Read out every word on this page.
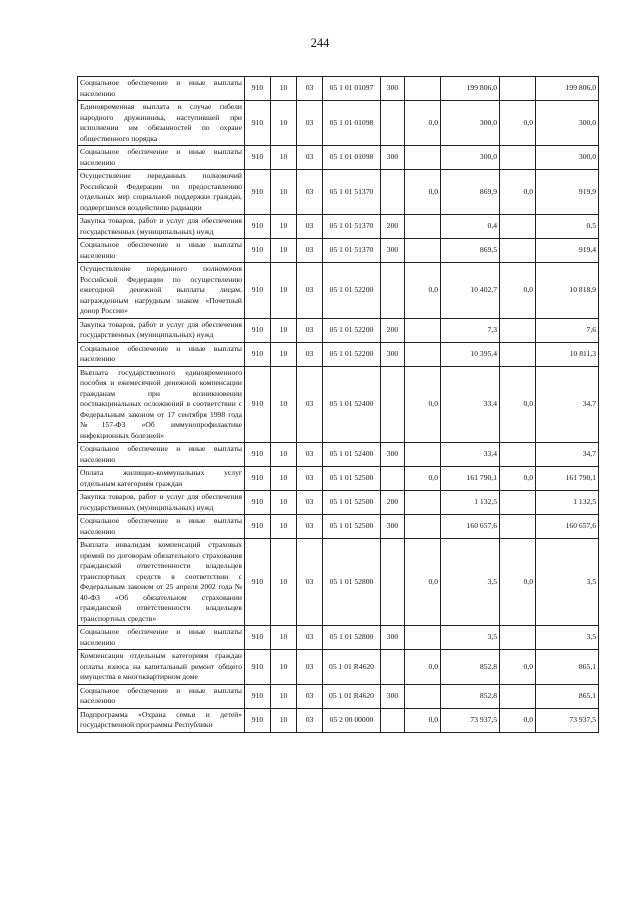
244
Социальное обеспечение и иные выплаты населению	910	10	03	05 1 01 01097	300		199 806,0		199 806,0
Единовременная выплата в случае гибели народного дружинника, наступившей при исполнении им обязанностей по охране общественного порядка	910	10	03	05 1 01 01098		0,0	300,0	0,0	300,0
Социальное обеспечение и иные выплаты населению	910	10	03	05 1 01 01098	300		300,0		300,0
Осуществление переданных полномочий Российской Федерации по предоставлению отдельных мер социальной поддержки граждан, подвергшихся воздействию радиации	910	10	03	05 1 01 51370		0,0	869,9	0,0	919,9
Закупка товаров, работ и услуг для обеспечения государственных (муниципальных) нужд	910	10	03	05 1 01 51370	200		0,4		0,5
Социальное обеспечение и иные выплаты населению	910	10	03	05 1 01 51370	300		869,5		919,4
Осуществление переданного полномочия Российской Федерации по осуществлению ежегодной денежной выплаты лицам, награжденным нагрудным знаком «Почетный донор России»	910	10	03	05 1 01 52200		0,0	10 402,7	0,0	10 818,9
Закупка товаров, работ и услуг для обеспечения государственных (муниципальных) нужд	910	10	03	05 1 01 52200	200		7,3		7,6
Социальное обеспечение и иные выплаты населению	910	10	03	05 1 01 52200	300		10 395,4		10 811,3
Выплата государственного единовременного пособия и ежемесячной денежной компенсации гражданам при возникновении поствакцинальных осложнений в соответствии с Федеральным законом от 17 сентября 1998 года №157-ФЗ «Об иммунопрофилактике инфекционных болезней»	910	10	03	05 1 01 52400		0,0	33,4	0,0	34,7
Социальное обеспечение и иные выплаты населению	910	10	03	05 1 01 52400	300		33,4		34,7
Оплата жилищно-коммунальных услуг отдельным категориям граждан	910	10	03	05 1 01 52500		0,0	161 790,1	0,0	161 790,1
Закупка товаров, работ и услуг для обеспечения государственных (муниципальных) нужд	910	10	03	05 1 01 52500	200		1 132,5		1 132,5
Социальное обеспечение и иные выплаты населению	910	10	03	05 1 01 52500	300		160 657,6		160 657,6
Выплата инвалидам компенсаций страховых премий по договорам обязательного страхования гражданской ответственности владельцев транспортных средств в соответствии с Федеральным законом от 25 апреля 2002 года № 40-ФЗ «Об обязательном страховании гражданской ответственности владельцев транспортных средств»	910	10	03	05 1 01 52800		0,0	3,5	0,0	3,5
Социальное обеспечение и иные выплаты населению	910	10	03	05 1 01 52800	300		3,5		3,5
Компенсация отдельным категориям граждан оплаты взноса на капитальный ремонт общего имущества в многоквартирном доме	910	10	03	05 1 01 R4620		0,0	852,8	0,0	865,1
Социальное обеспечение и иные выплаты населению	910	10	03	05 1 01 R4620	300		852,8		865,1
Подпрограмма «Охрана семьи и детей» государственной программы Республики	910	10	03	05 2 00 00000		0,0	73 937,5	0,0	73 937,5
